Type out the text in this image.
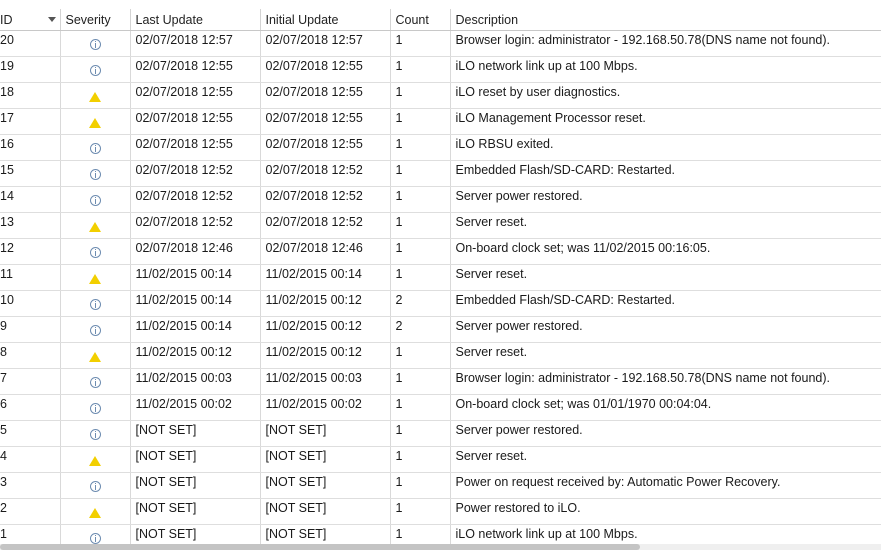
ID	Severity	Last Update	Initial Update	Count	Description
20		02/07/2018 12:57	02/07/2018 12:57	1	Browser login: administrator - 192.168.50.78(DNS name not found).
19		02/07/2018 12:55	02/07/2018 12:55	1	iLO network link up at 100 Mbps.
18		02/07/2018 12:55	02/07/2018 12:55	1	iLO reset by user diagnostics.
17		02/07/2018 12:55	02/07/2018 12:55	1	iLO Management Processor reset.
16		02/07/2018 12:55	02/07/2018 12:55	1	iLO RBSU exited.
15		02/07/2018 12:52	02/07/2018 12:52	1	Embedded Flash/SD-CARD: Restarted.
14		02/07/2018 12:52	02/07/2018 12:52	1	Server power restored.
13		02/07/2018 12:52	02/07/2018 12:52	1	Server reset.
12		02/07/2018 12:46	02/07/2018 12:46	1	On-board clock set; was 11/02/2015 00:16:05.
11		11/02/2015 00:14	11/02/2015 00:14	1	Server reset.
10		11/02/2015 00:14	11/02/2015 00:12	2	Embedded Flash/SD-CARD: Restarted.
9		11/02/2015 00:14	11/02/2015 00:12	2	Server power restored.
8		11/02/2015 00:12	11/02/2015 00:12	1	Server reset.
7		11/02/2015 00:03	11/02/2015 00:03	1	Browser login: administrator - 192.168.50.78(DNS name not found).
6		11/02/2015 00:02	11/02/2015 00:02	1	On-board clock set; was 01/01/1970 00:04:04.
5		[NOT SET]	[NOT SET]	1	Server power restored.
4		[NOT SET]	[NOT SET]	1	Server reset.
3		[NOT SET]	[NOT SET]	1	Power on request received by: Automatic Power Recovery.
2		[NOT SET]	[NOT SET]	1	Power restored to iLO.
1		[NOT SET]	[NOT SET]	1	iLO network link up at 100 Mbps.
